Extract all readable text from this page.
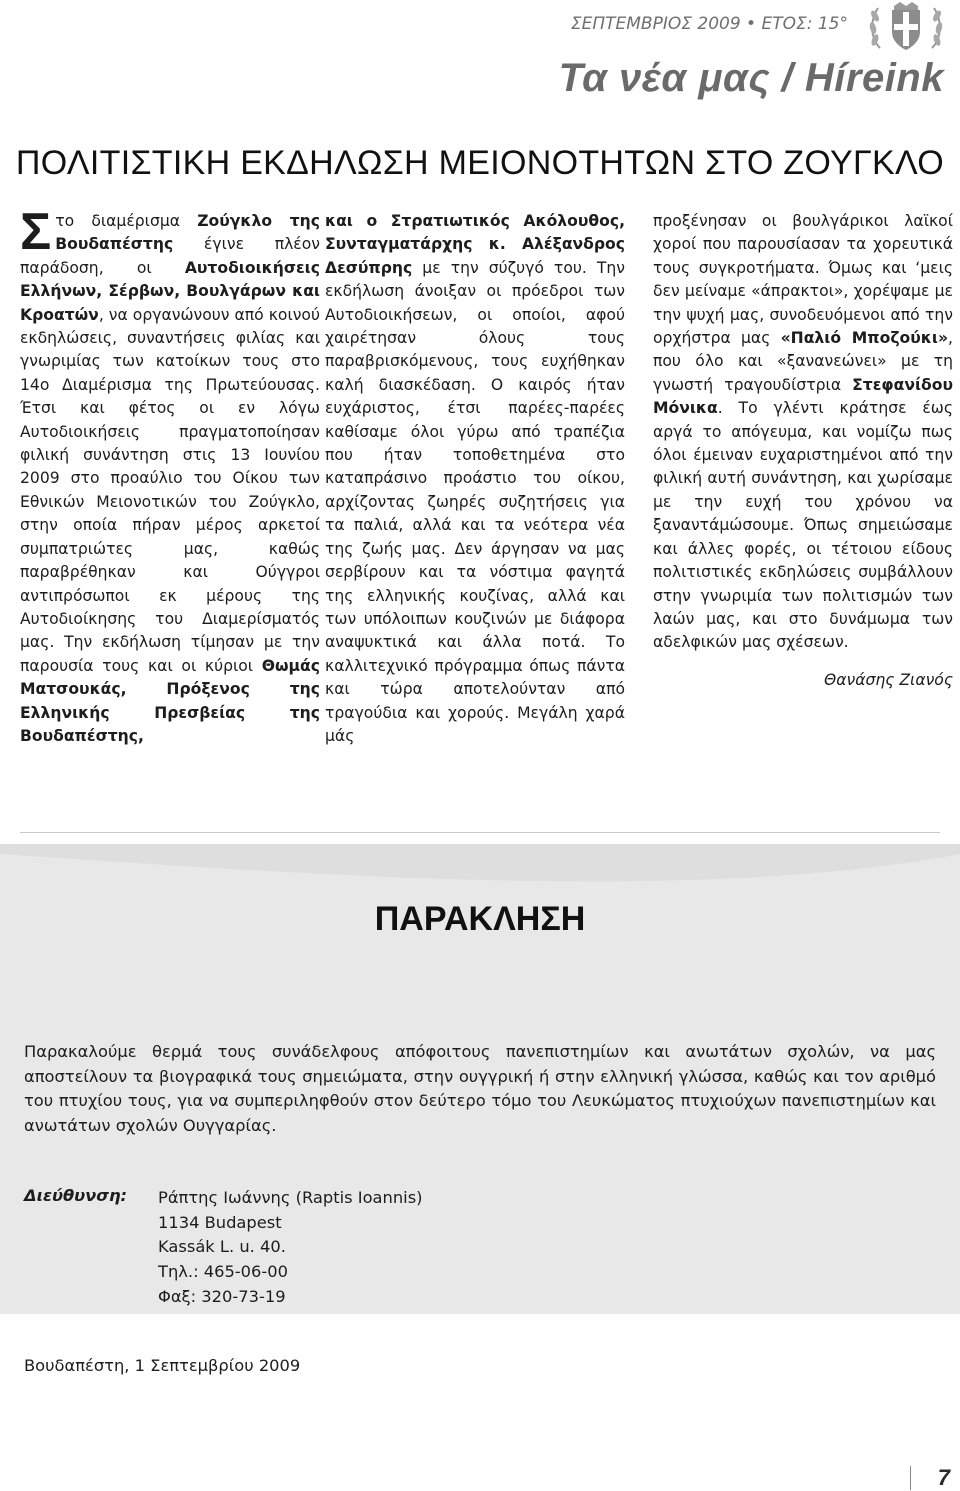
ΣΕΠΤΕΜΒΡΙΟΣ 2009 • ΕΤΟΣ: 15°
Τα νέα μας / Híreink
ΠΟΛΙΤΙΣΤΙΚΗ ΕΚΔΗΛΩΣΗ ΜΕΙΟΝΟΤΗΤΩΝ ΣΤΟ ΖΟΥΓΚΛΟ
Σ το διαμέρισμα Ζούγκλο της Βουδαπέστης έγινε πλέον παράδοση, οι Αυτοδιοικήσεις Ελλήνων, Σέρβων, Βουλγάρων και Κροατών, να οργανώνουν από κοινού εκδηλώσεις, συναντήσεις φιλίας και γνωριμίας των κατοίκων τους στο 14ο Διαμέρισμα της Πρωτεύουσας. Έτσι και φέτος οι εν λόγω Αυτοδιοικήσεις πραγματοποίησαν φιλική συνάντηση στις 13 Ιουνίου 2009 στο προαύλιο του Οίκου των Εθνικών Μειονοτικών του Ζούγκλο, στην οποία πήραν μέρος αρκετοί συμπατριώτες μας, καθώς παραβρέθηκαν και Ούγγροι αντιπρόσωποι εκ μέρους της Αυτοδιοίκησης του Διαμερίσματός μας. Την εκδήλωση τίμησαν με την παρουσία τους και οι κύριοι Θωμάς Ματσουκάς, Πρόξενος της Ελληνικής Πρεσβείας της Βουδαπέστης,

και ο Στρατιωτικός Ακόλουθος, Συνταγματάρχης κ. Αλέξανδρος Δεσύπρης με την σύζυγό του. Την εκδήλωση άνοιξαν οι πρόεδροι των Αυτοδιοικήσεων, οι οποίοι, αφού χαιρέτησαν όλους τους παραβρισκόμενους, τους ευχήθηκαν καλή διασκέδαση. Ο καιρός ήταν ευχάριστος, έτσι παρέες-παρέες καθίσαμε όλοι γύρω από τραπέζια που ήταν τοποθετημένα στο καταπράσινο προάστιο του οίκου, αρχίζοντας ζωηρές συζητήσεις για τα παλιά, αλλά και τα νεότερα νέα της ζωής μας. Δεν άργησαν να μας σερβίρουν και τα νόστιμα φαγητά της ελληνικής κουζίνας, αλλά και των υπόλοιπων κουζινών με διάφορα αναψυκτικά και άλλα ποτά. Το καλλιτεχνικό πρόγραμμα όπως πάντα και τώρα αποτελούνταν από τραγούδια και χορούς. Μεγάλη χαρά μάς

προξένησαν οι βουλγάρικοι λαϊκοί χοροί που παρουσίασαν τα χορευτικά τους συγκροτήματα. Όμως και ‘μεις δεν μείναμε «άπρακτοι», χορέψαμε με την ψυχή μας, συνοδευόμενοι από την ορχήστρα μας «Παλιό Μποζούκι», που όλο και «ξανανεώνει» με τη γνωστή τραγουδίστρια Στεφανίδου Μόνικα. Το γλέντι κράτησε έως αργά το απόγευμα, και νομίζω πως όλοι έμειναν ευχαριστημένοι από την φιλική αυτή συνάντηση, και χωρίσαμε με την ευχή του χρόνου να ξαναντάμώσουμε. Όπως σημειώσαμε και άλλες φορές, οι τέτοιου είδους πολιτιστικές εκδηλώσεις συμβάλλουν στην γνωριμία των πολιτισμών των λαών μας, και στο δυνάμωμα των αδελφικών μας σχέσεων.

Θανάσης Ζιανός

ΠΑΡΑΚΛΗΣΗ

Παρακαλούμε θερμά τους συνάδελφους απόφοιτους πανεπιστημίων και ανωτάτων σχολών, να μας αποστείλουν τα βιογραφικά τους σημειώματα, στην ουγγρική ή στην ελληνική γλώσσα, καθώς και τον αριθμό του πτυχίου τους, για να συμπεριληφθούν στον δεύτερο τόμο του Λευκώματος πτυχιούχων πανεπιστημίων και ανωτάτων σχολών Ουγγαρίας.

Διεύθυνση: Ράπτης Ιωάννης (Raptis Ioannis)
1134 Budapest
Kassák L. u. 40.
Τηλ.: 465-06-00
Φαξ: 320-73-19
Βουδαπέστη, 1 Σεπτεμβρίου 2009
7
